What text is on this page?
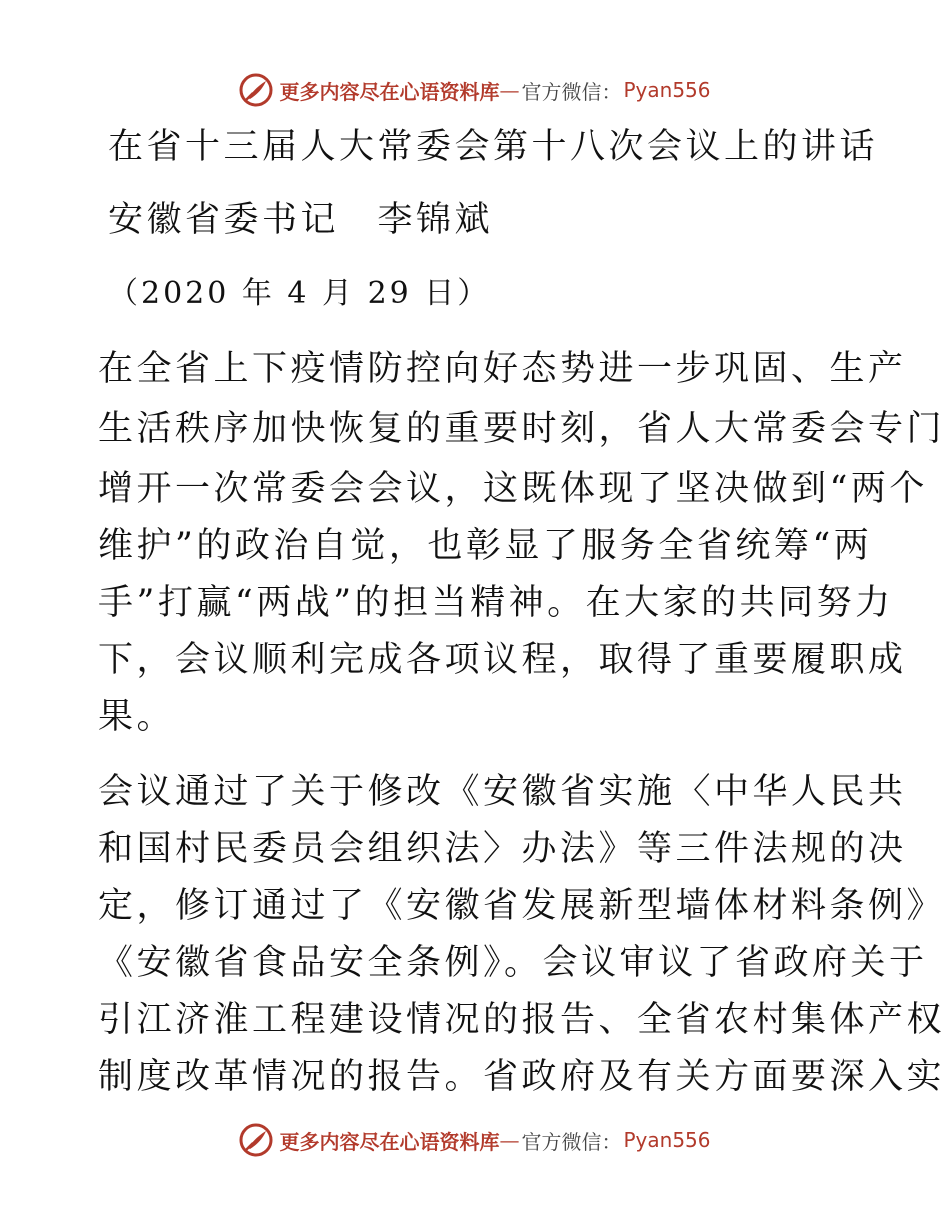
更多内容尽在心语资料库 — 官方微信： Pyan556
在省十三届人大常委会第十八次会议上的讲话
安徽省委书记　李锦斌
（2020 年 4 月 29 日）
在全省上下疫情防控向好态势进一步巩固、生产
生活秩序加快恢复的重要时刻，省人大常委会专门
增开一次常委会会议，这既体现了坚决做到“两个
维护”的政治自觉，也彰显了服务全省统筹“两
手”打赢“两战”的担当精神。在大家的共同努力
下，会议顺利完成各项议程，取得了重要履职成
果。
会议通过了关于修改《安徽省实施〈中华人民共
和国村民委员会组织法〉办法》等三件法规的决
定，修订通过了《安徽省发展新型墙体材料条例》
《安徽省食品安全条例》。会议审议了省政府关于
引江济淮工程建设情况的报告、全省农村集体产权
制度改革情况的报告。省政府及有关方面要深入实
更多内容尽在心语资料库 — 官方微信： Pyan556
